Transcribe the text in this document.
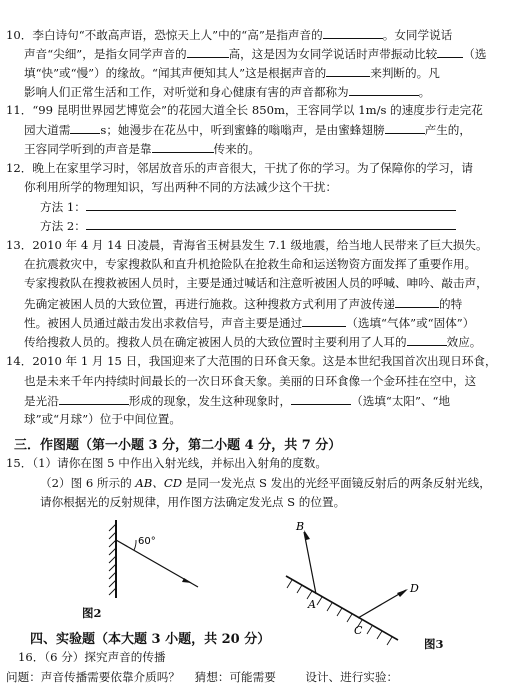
10．李白诗句“不敢高声语，恐惊天上人”中的“高”是指声音的	。女同学说话
声音“尖细”，是指女同学声音的	高，这是因为女同学说话时声带振动比较 （选
填“快”或“慢”）的缘故。“闻其声便知其人”这是根据声音的	来判断的。凡
影响人们正常生活和工作，对听觉和身心健康有害的声音都称为	。
11．“99 昆明世界园艺博览会”的花园大道全长 850m，王容同学以 1m/s 的速度步行走完花
园大道需	s；她漫步在花丛中，听到蜜蜂的嗡嗡声，是由蜜蜂翅膀	产生的，
王容同学听到的声音是靠	传来的。
12．晚上在家里学习时，邻居放音乐的声音很大，干扰了你的学习。为了保障你的学习，请
你利用所学的物理知识，写出两种不同的方法减少这个干扰：
方法 1：
方法 2：
13．2010 年 4 月 14 日凌晨，青海省玉树县发生 7.1 级地震，给当地人民带来了巨大损失。
在抗震救灾中，专家搜救队和直升机抢险队在抢救生命和运送物资方面发挥了重要作用。
专家搜救队在搜救被困人员时，主要是通过喊话和注意听被困人员的呼喊、呻吟、敲击声，
先确定被困人员的大致位置，再进行施救。这种搜救方式利用了声波传递	的特
性。被困人员通过敲击发出求救信号，声音主要是通过	（选填“气体”或“固体”）
传给搜救人员的。搜救人员在确定被困人员的大致位置时主要利用了人耳的	效应。
14．2010 年 1 月 15 日，我国迎来了大范围的日环食天象。这是本世纪我国首次出现日环食，
也是未来千年内持续时间最长的一次日环食天象。美丽的日环食像一个金环挂在空中，这
是光沿	形成的现象，发生这种现象时，	（选填“太阳”、“地
球”或“月球”）位于中间位置。
三．作图题（第一小题 3 分，第二小题 4 分，共 7 分）
15．（1）请你在图 5 中作出入射光线，并标出入射角的度数。
（2）图 6 所示的 AB、CD 是同一发光点 S 发出的光经平面镜反射后的两条反射光线，
请你根据光的反射规律，用作图方法确定发光点 S 的位置。
60°
图2
B
A
C
D
图3
四、实验题（本大题 3 小题，共 20 分）
16．（6 分）探究声音的传播
问题：声音传播需要依靠介质吗？ 猜想：可能需要	设计、进行实验：
